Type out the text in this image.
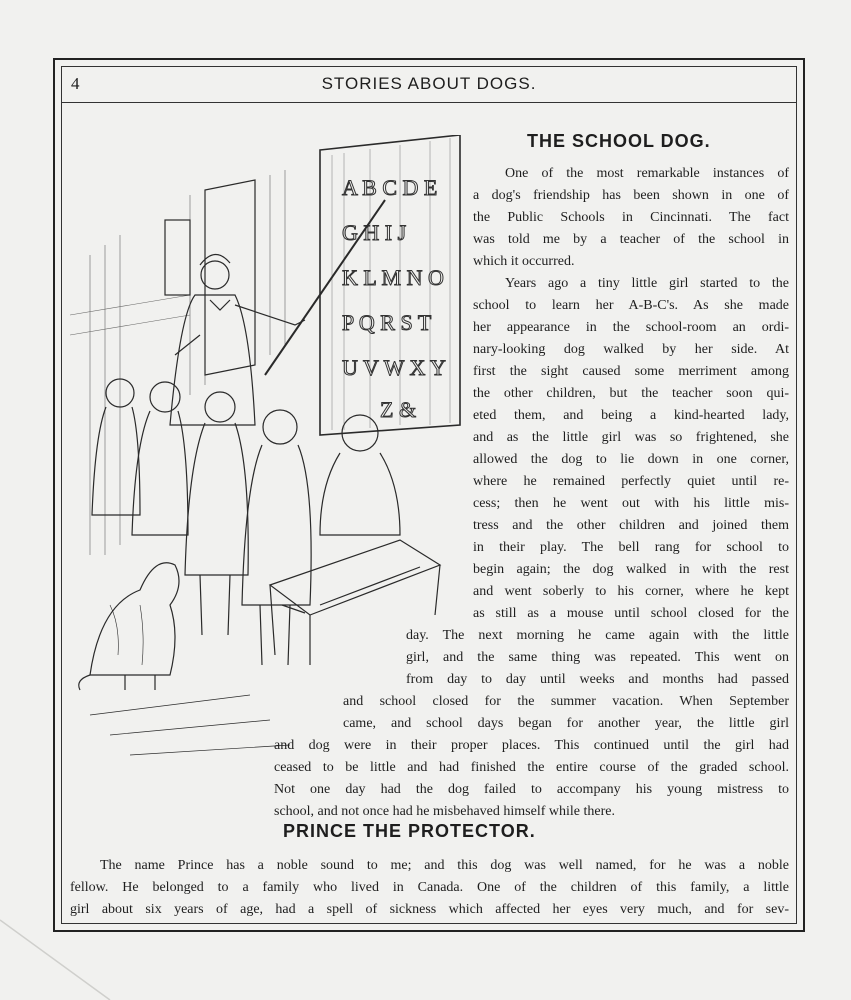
4	STORIES ABOUT DOGS.
THE SCHOOL DOG.
A B C D E
G H I J
K L M N O
P Q R S T
U V W X Y
Z &
One of the most remarkable instances of
a dog's friendship has been shown in one of
the Public Schools in Cincinnati. The fact
was told me by a teacher of the school in
which it occurred.
Years ago a tiny little girl started to the
school to learn her A-B-C's. As she made
her appearance in the school-room an ordi-
nary-looking dog walked by her side. At
first the sight caused some merriment among
the other children, but the teacher soon qui-
eted them, and being a kind-hearted lady,
and as the little girl was so frightened, she
allowed the dog to lie down in one corner,
where he remained perfectly quiet until re-
cess; then he went out with his little mis-
tress and the other children and joined them
in their play. The bell rang for school to
begin again; the dog walked in with the rest
and went soberly to his corner, where he kept
as still as a mouse until school closed for the
day. The next morning he came again with the little
girl, and the same thing was repeated. This went on
from day to day until weeks and months had passed
and school closed for the summer vacation. When September
came, and school days began for another year, the little girl
and dog were in their proper places. This continued until the girl had
ceased to be little and had finished the entire course of the graded school.
Not one day had the dog failed to accompany his young mistress to
school, and not once had he misbehaved himself while there.
PRINCE THE PROTECTOR.
The name Prince has a noble sound to me; and this dog was well named, for he was a noble
fellow. He belonged to a family who lived in Canada. One of the children of this family, a little
girl about six years of age, had a spell of sickness which affected her eyes very much, and for sev-
